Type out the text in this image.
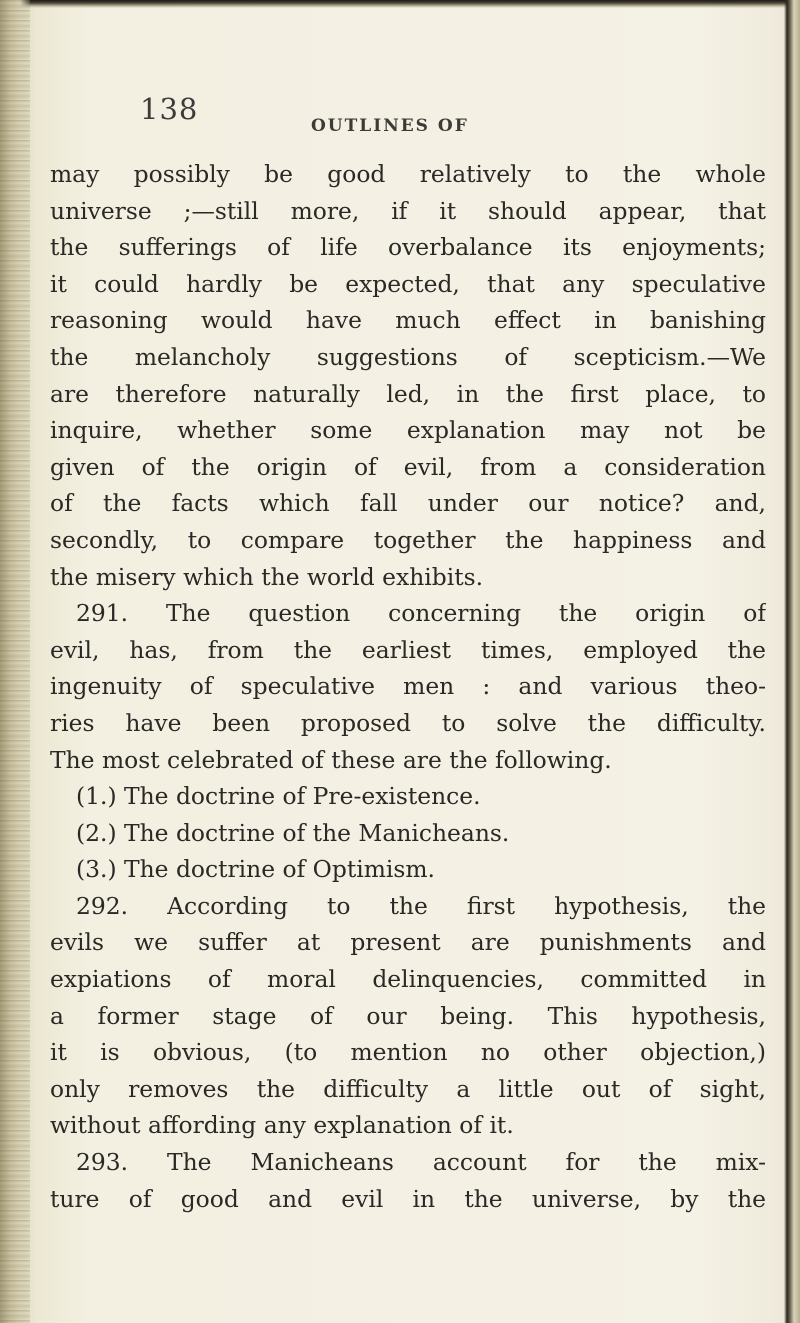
138	OUTLINES OF
may possibly be good relatively to the whole
universe ;—still more, if it should appear, that
the sufferings of life overbalance its enjoyments;
it could hardly be expected, that any speculative
reasoning would have much effect in banishing
the melancholy suggestions of scepticism.—We
are therefore naturally led, in the first place, to
inquire, whether some explanation may not be
given of the origin of evil, from a consideration
of the facts which fall under our notice? and,
secondly, to compare together the happiness and
the misery which the world exhibits.
291. The question concerning the origin of
evil, has, from the earliest times, employed the
ingenuity of speculative men : and various theo-
ries have been proposed to solve the difficulty.
The most celebrated of these are the following.
(1.) The doctrine of Pre-existence.
(2.) The doctrine of the Manicheans.
(3.) The doctrine of Optimism.
292. According to the first hypothesis, the
evils we suffer at present are punishments and
expiations of moral delinquencies, committed in
a former stage of our being. This hypothesis,
it is obvious, (to mention no other objection,)
only removes the difficulty a little out of sight,
without affording any explanation of it.
293. The Manicheans account for the mix-
ture of good and evil in the universe, by the
